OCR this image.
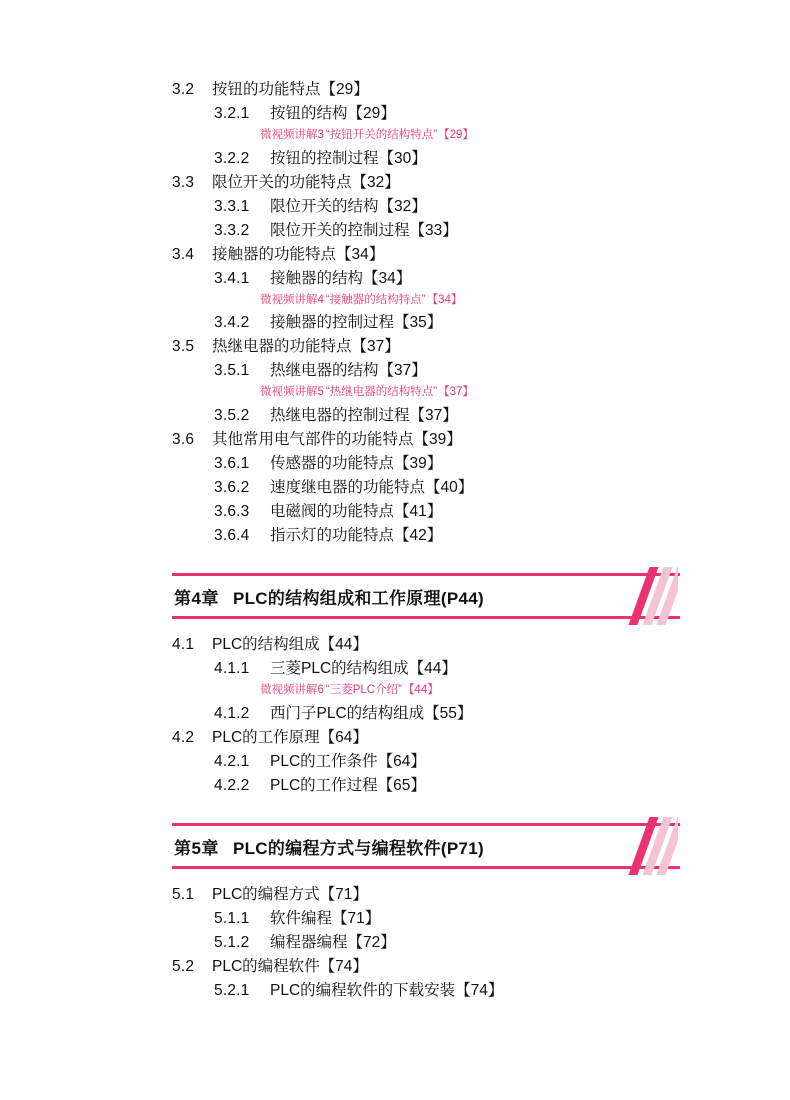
3.2	按钮的功能特点【29】
3.2.1	按钮的结构【29】
微视频讲解3 “按钮开关的结构特点” 【29】
3.2.2	按钮的控制过程【30】
3.3	限位开关的功能特点【32】
3.3.1	限位开关的结构【32】
3.3.2	限位开关的控制过程【33】
3.4	接触器的功能特点【34】
3.4.1	接触器的结构【34】
微视频讲解4 “接触器的结构特点” 【34】
3.4.2	接触器的控制过程【35】
3.5	热继电器的功能特点【37】
3.5.1	热继电器的结构【37】
微视频讲解5 “热继电器的结构特点” 【37】
3.5.2	热继电器的控制过程【37】
3.6	其他常用电气部件的功能特点【39】
3.6.1	传感器的功能特点【39】
3.6.2	速度继电器的功能特点【40】
3.6.3	电磁阀的功能特点【41】
3.6.4	指示灯的功能特点【42】
第4章 PLC的结构组成和工作原理(P44)
4.1	PLC的结构组成【44】
4.1.1	三菱PLC的结构组成【44】
微视频讲解6 “三菱PLC介绍” 【44】
4.1.2	西门子PLC的结构组成【55】
4.2	PLC的工作原理【64】
4.2.1	PLC的工作条件【64】
4.2.2	PLC的工作过程【65】
第5章 PLC的编程方式与编程软件(P71)
5.1	PLC的编程方式【71】
5.1.1	软件编程【71】
5.1.2	编程器编程【72】
5.2	PLC的编程软件【74】
5.2.1	PLC的编程软件的下载安装【74】
